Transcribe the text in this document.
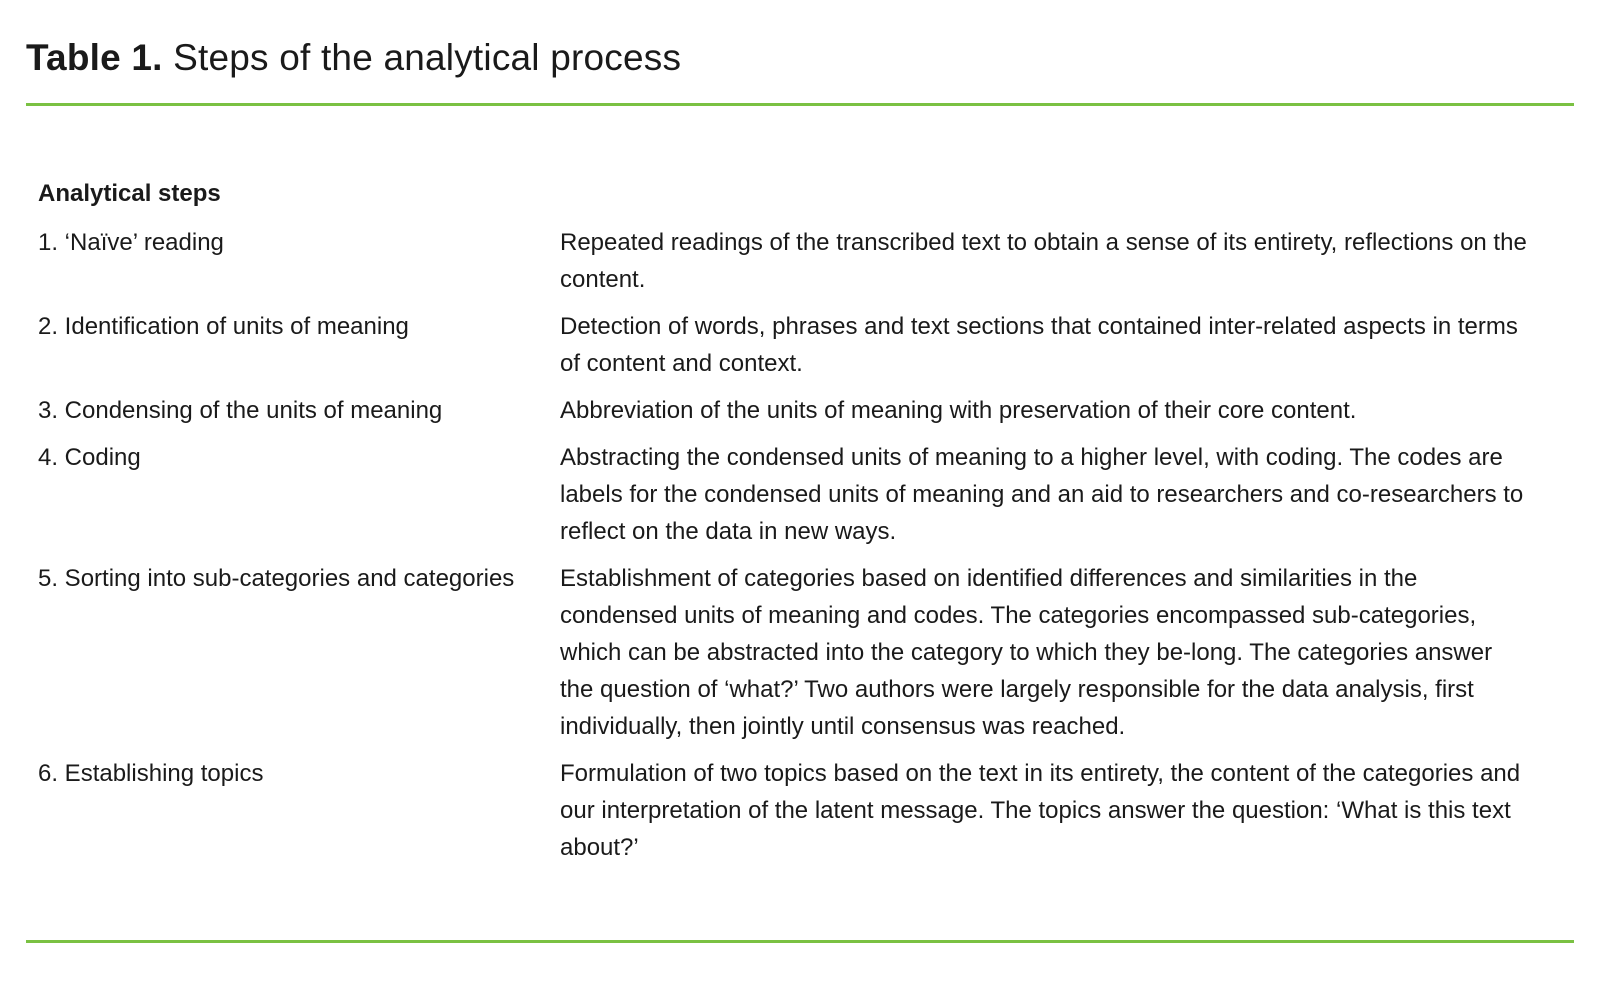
Table 1. Steps of the analytical process
Analytical steps
1. ‘Naïve’ reading	Repeated readings of the transcribed text to obtain a sense of its entirety, reflections on the content.
2. Identification of units of meaning	Detection of words, phrases and text sections that contained inter-related aspects in terms of content and context.
3. Condensing of the units of meaning	Abbreviation of the units of meaning with preservation of their core content.
4. Coding	Abstracting the condensed units of meaning to a higher level, with coding. The codes are labels for the condensed units of meaning and an aid to researchers and co-researchers to reflect on the data in new ways.
5. Sorting into sub-categories and categories	Establishment of categories based on identified differences and similarities in the condensed units of meaning and codes. The categories encompassed sub-categories, which can be abstracted into the category to which they be-long. The categories answer the question of ‘what?’ Two authors were largely responsible for the data analysis, first individually, then jointly until consensus was reached.
6. Establishing topics	Formulation of two topics based on the text in its entirety, the content of the categories and our interpretation of the latent message. The topics answer the question: ‘What is this text about?’
